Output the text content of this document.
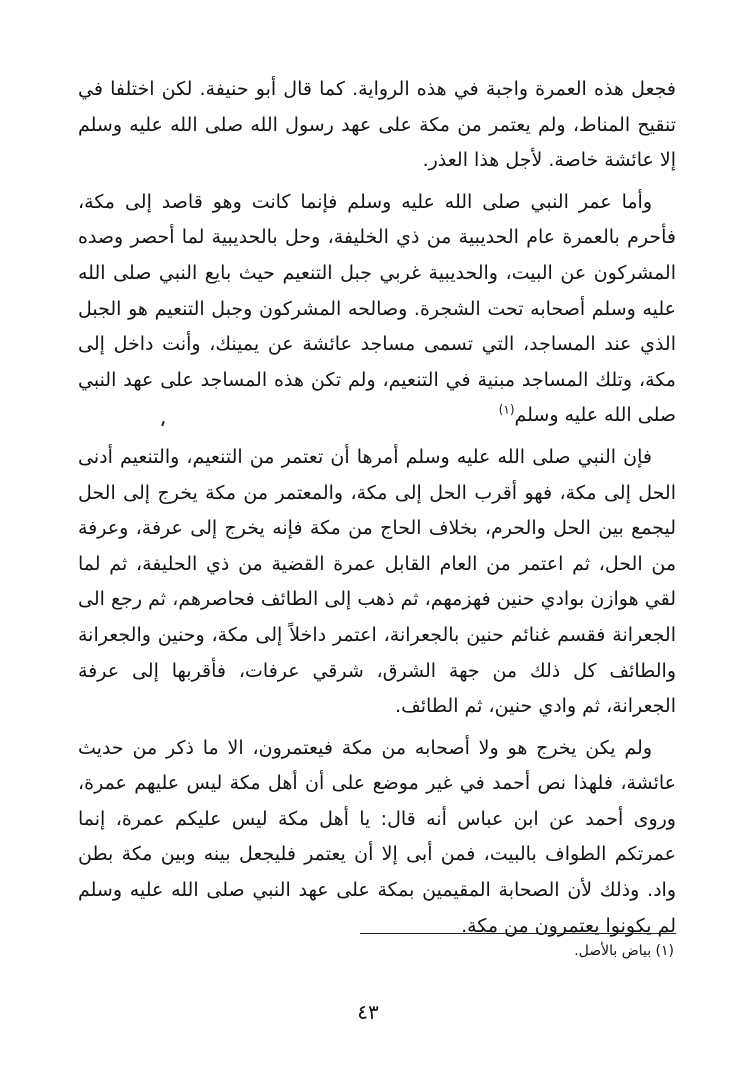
فجعل هذه العمرة واجبة في هذه الرواية. كما قال أبو حنيفة. لكن اختلفا في تنقيح المناط، ولم يعتمر من مكة على عهد رسول الله صلى الله عليه وسلم إلا عائشة خاصة. لأجل هذا العذر.

وأما عمر النبي صلى الله عليه وسلم فإنما كانت وهو قاصد إلى مكة، فأحرم بالعمرة عام الحديبية من ذي الخليفة، وحل بالحديبية لما أحصر وصده المشركون عن البيت، والحديبية غربي جبل التنعيم حيث بايع النبي صلى الله عليه وسلم أصحابه تحت الشجرة. وصالحه المشركون وجبل التنعيم هو الجبل الذي عند المساجد، التي تسمى مساجد عائشة عن يمينك، وأنت داخل إلى مكة، وتلك المساجد مبنية في التنعيم، ولم تكن هذه المساجد على عهد النبي صلى الله عليه وسلم$^{(١)}$

فإن النبي صلى الله عليه وسلم أمرها أن تعتمر من التنعيم، والتنعيم أدنى الحل إلى مكة، فهو أقرب الحل إلى مكة، والمعتمر من مكة يخرج إلى الحل ليجمع بين الحل والحرم، بخلاف الحاج من مكة فإنه يخرج إلى عرفة، وعرفة من الحل، ثم اعتمر من العام القابل عمرة القضية من ذي الحليفة، ثم لما لقي هوازن بوادي حنين فهزمهم، ثم ذهب إلى الطائف فحاصرهم، ثم رجع الى الجعرانة فقسم غنائم حنين بالجعرانة، اعتمر داخلاً إلى مكة، وحنين والجعرانة والطائف كل ذلك من جهة الشرق، شرقي عرفات، فأقربها إلى عرفة الجعرانة، ثم وادي حنين، ثم الطائف.

ولم يكن يخرج هو ولا أصحابه من مكة فيعتمرون، الا ما ذكر من حديث عائشة، فلهذا نص أحمد في غير موضع على أن أهل مكة ليس عليهم عمرة، وروى أحمد عن ابن عباس أنه قال: يا أهل مكة ليس عليكم عمرة، إنما عمرتكم الطواف بالبيت، فمن أبى إلا أن يعتمر فليجعل بينه وبين مكة بطن واد. وذلك لأن الصحابة المقيمين بمكة على عهد النبي صلى الله عليه وسلم لم يكونوا يعتمرون من مكة.

(١) بياض بالأصل.
٤٣
